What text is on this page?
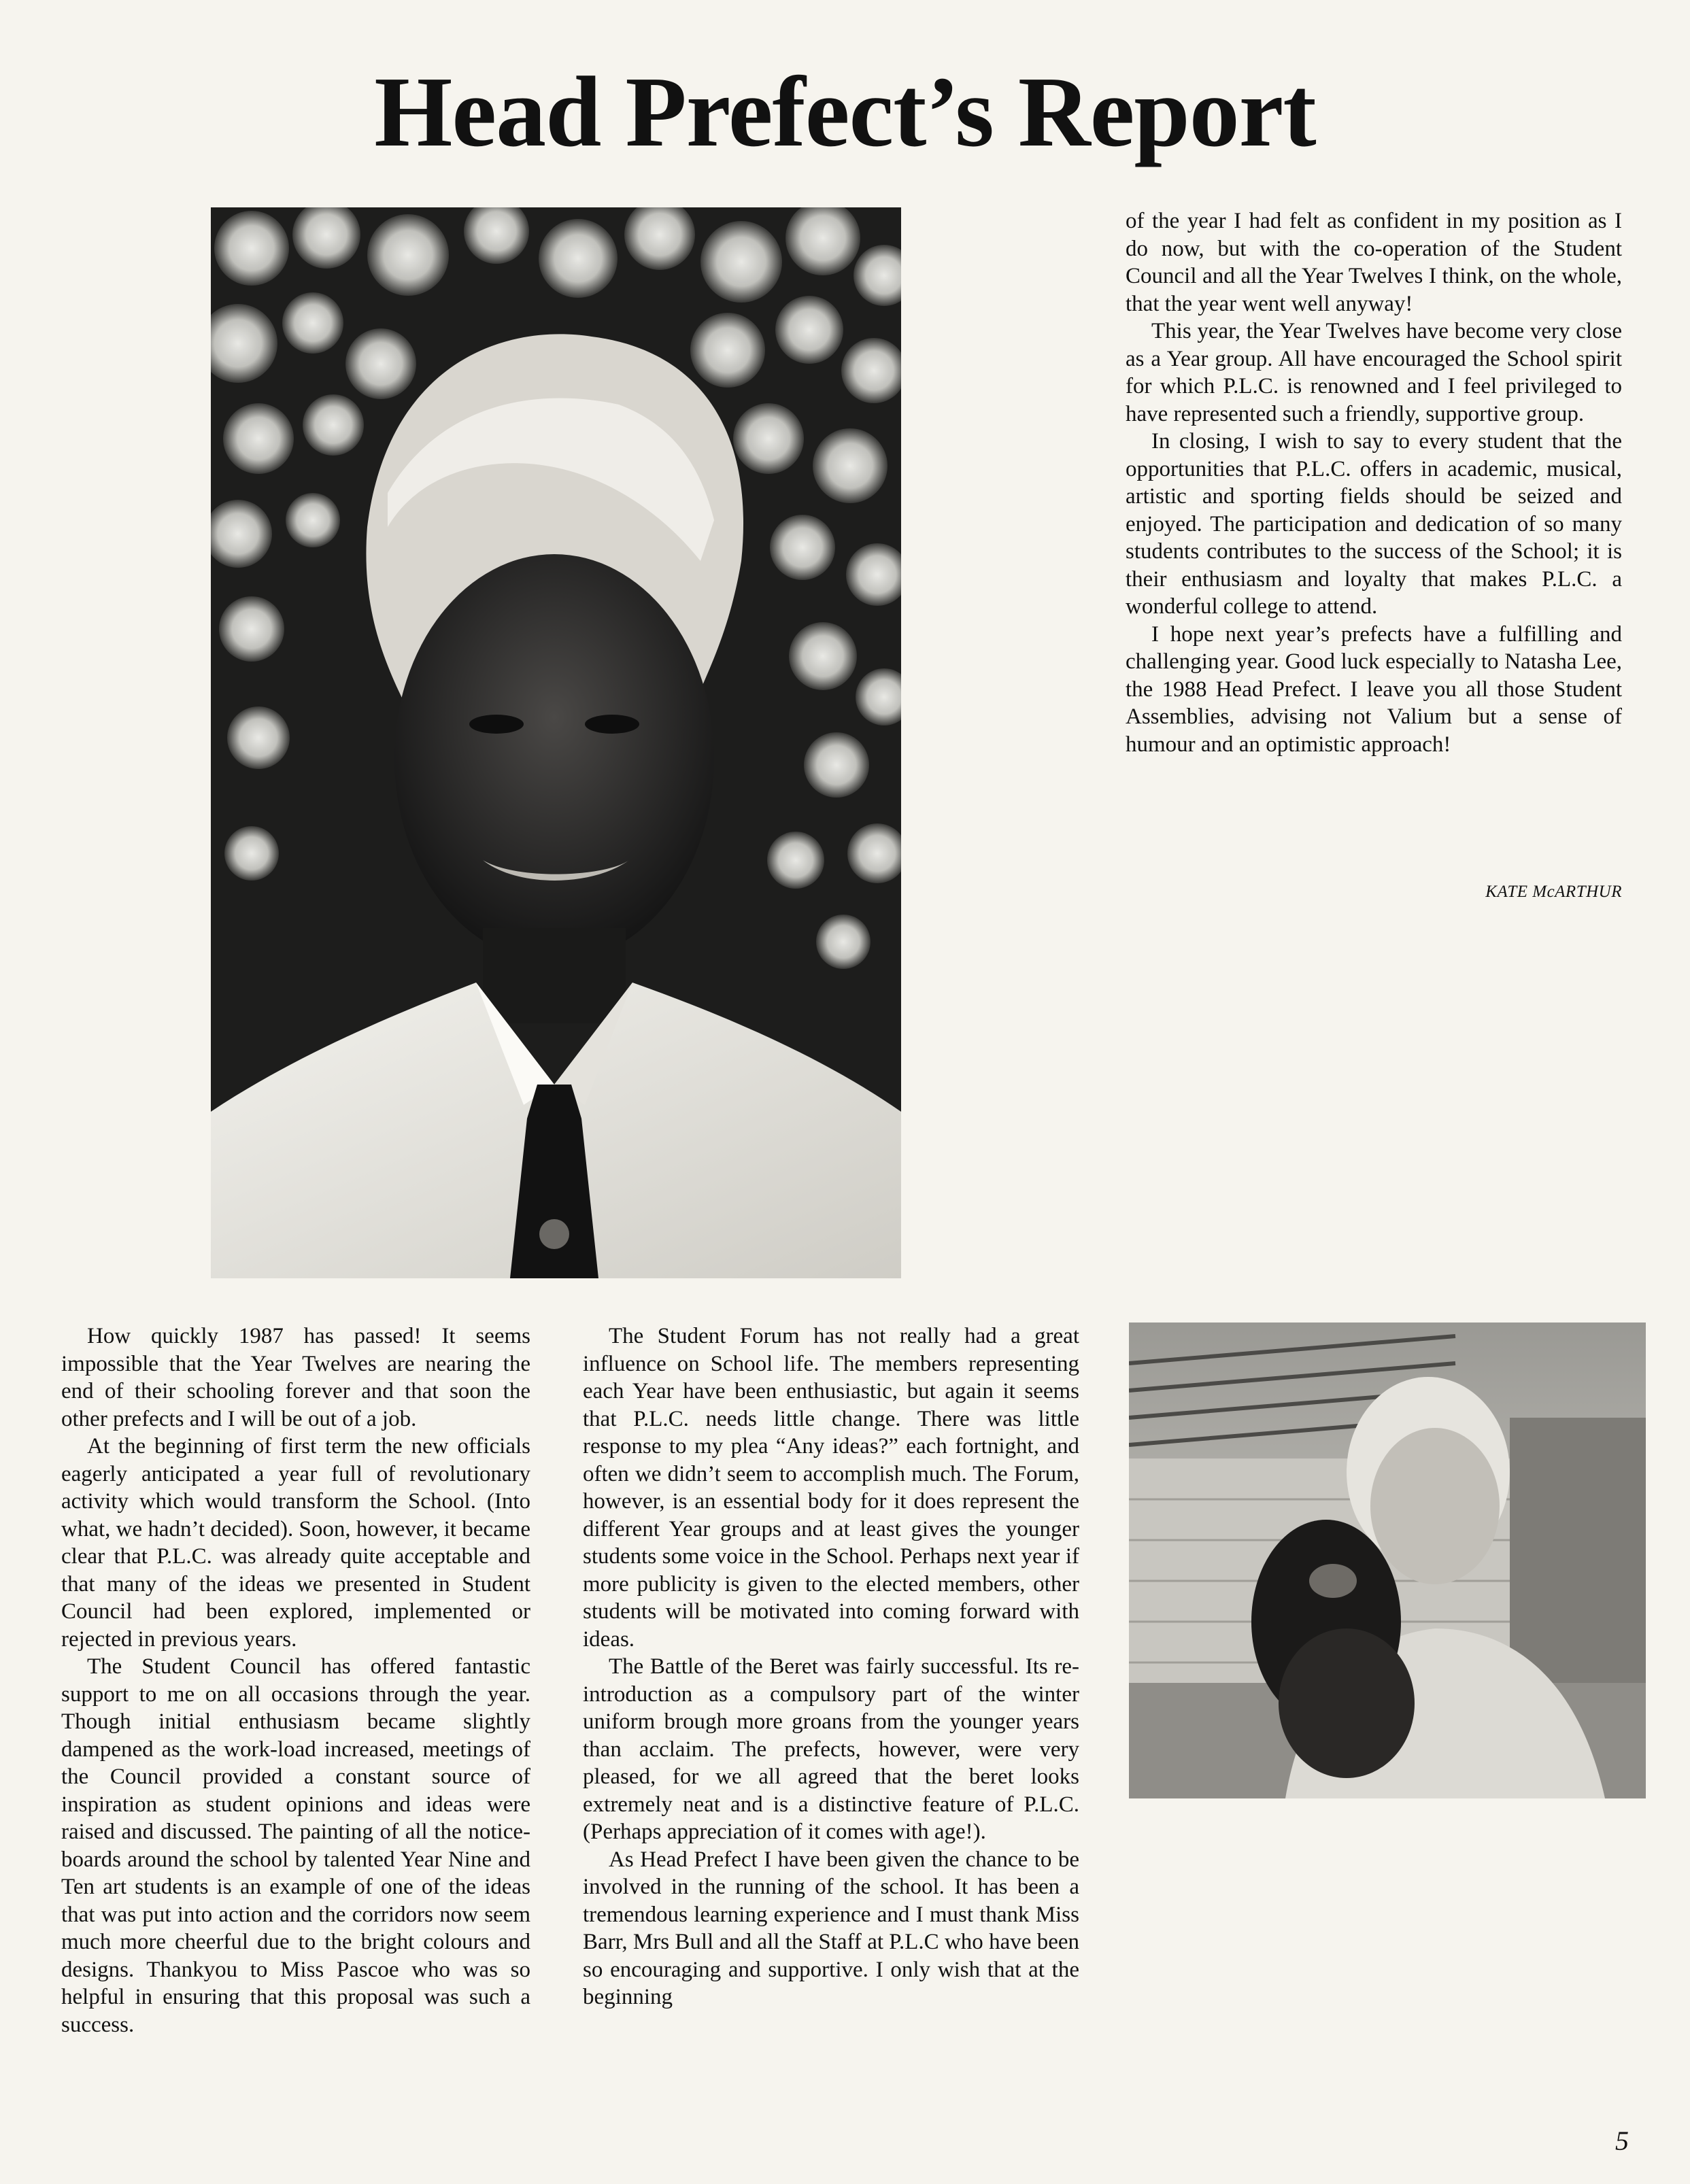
Head Prefect’s Report

How quickly 1987 has passed! It seems impossible that the Year Twelves are nearing the end of their schooling forever and that soon the other prefects and I will be out of a job.

At the beginning of first term the new officials eagerly anticipated a year full of revolutionary activity which would transform the School. (Into what, we hadn’t decided). Soon, however, it became clear that P.L.C. was already quite acceptable and that many of the ideas we presented in Student Council had been explored, implemented or rejected in previous years.

The Student Council has offered fantastic support to me on all occasions through the year. Though initial enthusiasm became slightly dampened as the work-load increased, meetings of the Council provided a constant source of inspiration as student opinions and ideas were raised and discussed. The painting of all the notice-boards around the school by talented Year Nine and Ten art students is an example of one of the ideas that was put into action and the corridors now seem much more cheerful due to the bright colours and designs. Thankyou to Miss Pascoe who was so helpful in ensuring that this proposal was such a success.

The Student Forum has not really had a great influence on School life. The members representing each Year have been enthusiastic, but again it seems that P.L.C. needs little change. There was little response to my plea “Any ideas?” each fortnight, and often we didn’t seem to accomplish much. The Forum, however, is an essential body for it does represent the different Year groups and at least gives the younger students some voice in the School. Perhaps next year if more publicity is given to the elected members, other students will be motivated into coming forward with ideas.

The Battle of the Beret was fairly successful. Its re-introduction as a compulsory part of the winter uniform brough more groans from the younger years than acclaim. The prefects, however, were very pleased, for we all agreed that the beret looks extremely neat and is a distinctive feature of P.L.C. (Perhaps appreciation of it comes with age!).

As Head Prefect I have been given the chance to be involved in the running of the school. It has been a tremendous learning experience and I must thank Miss Barr, Mrs Bull and all the Staff at P.L.C who have been so encouraging and supportive. I only wish that at the beginning

of the year I had felt as confident in my position as I do now, but with the co-operation of the Student Council and all the Year Twelves I think, on the whole, that the year went well anyway!

This year, the Year Twelves have become very close as a Year group. All have encouraged the School spirit for which P.L.C. is renowned and I feel privileged to have represented such a friendly, supportive group.

In closing, I wish to say to every student that the opportunities that P.L.C. offers in academic, musical, artistic and sporting fields should be seized and enjoyed. The participation and dedication of so many students contributes to the success of the School; it is their enthusiasm and loyalty that makes P.L.C. a wonderful college to attend.

I hope next year’s prefects have a fulfilling and challenging year. Good luck especially to Natasha Lee, the 1988 Head Prefect. I leave you all those Student Assemblies, advising not Valium but a sense of humour and an optimistic approach!

KATE McARTHUR
5
